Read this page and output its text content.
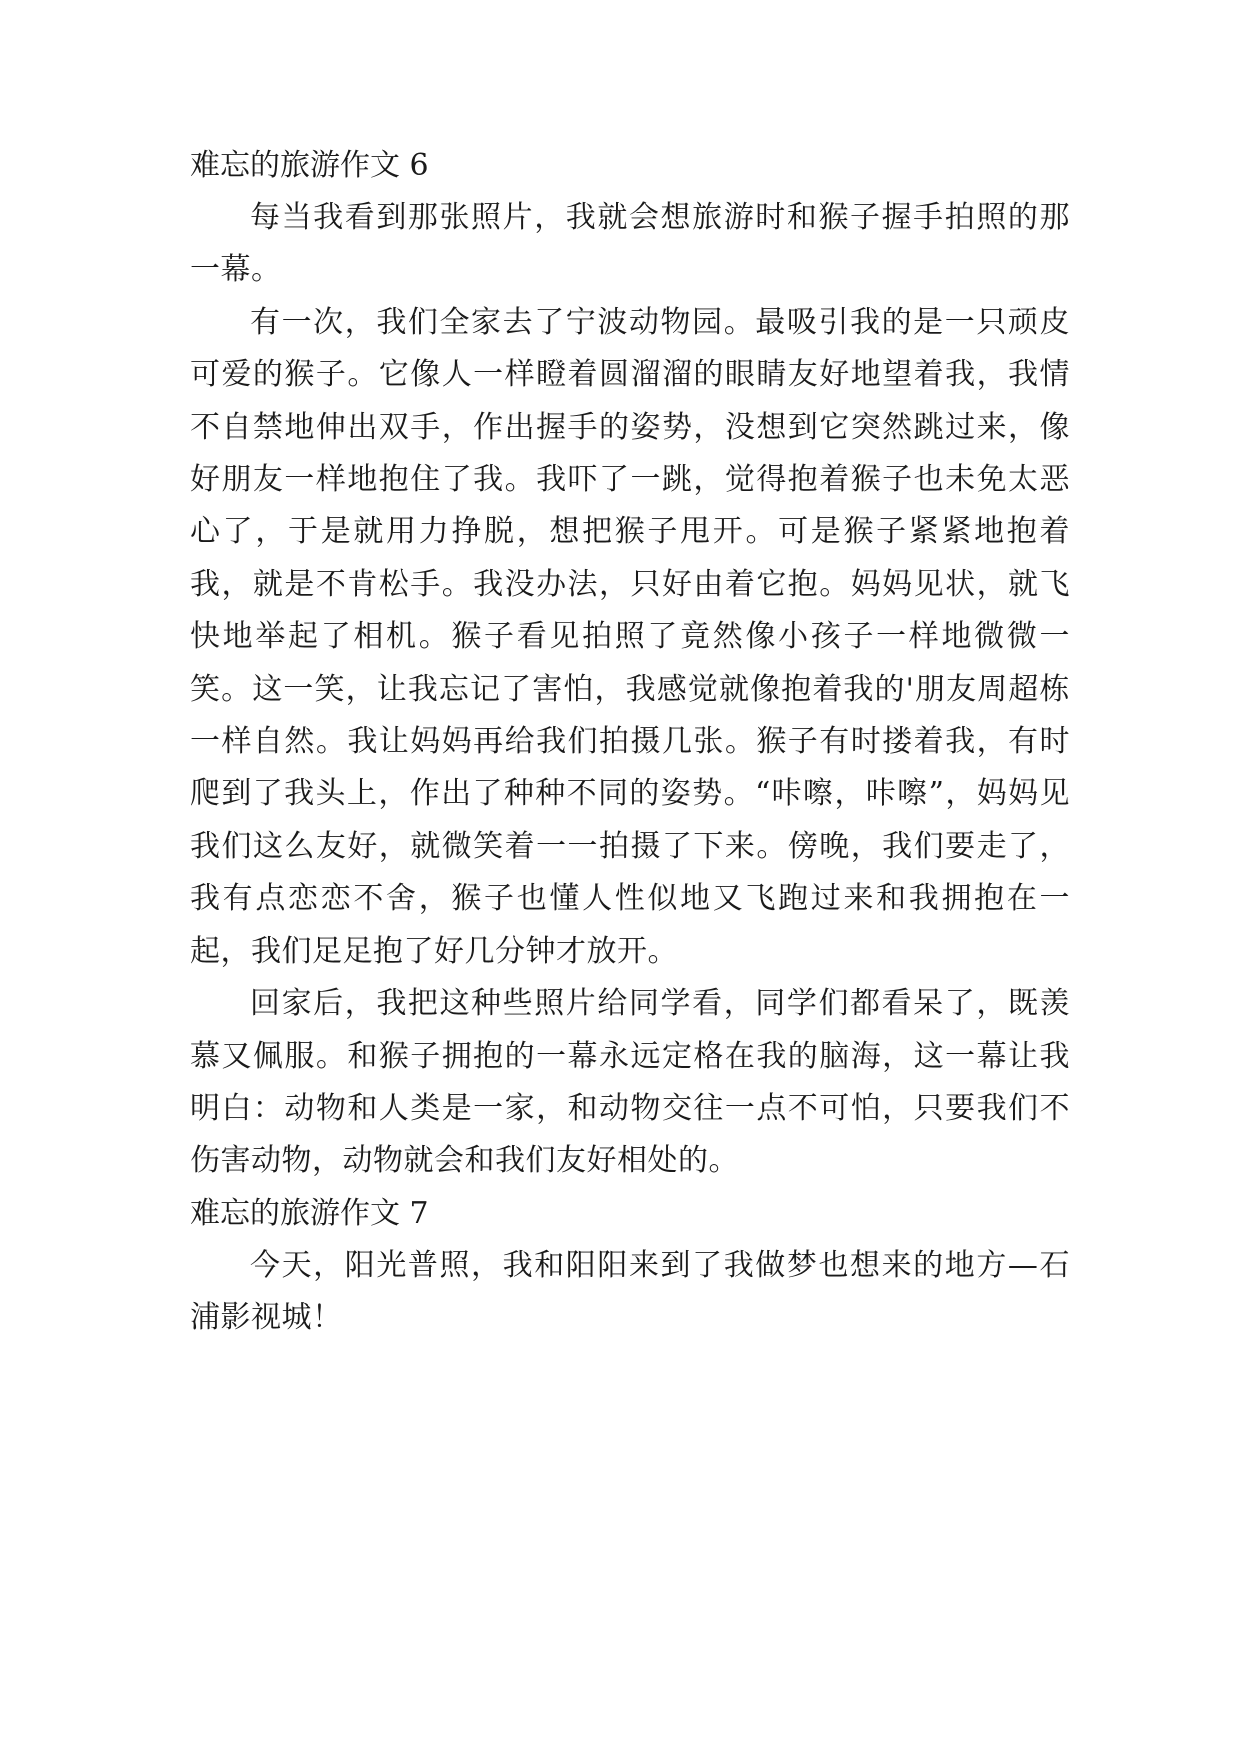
难忘的旅游作文 6

每当我看到那张照片，我就会想旅游时和猴子握手拍照的那一幕。

有一次，我们全家去了宁波动物园。最吸引我的是一只顽皮可爱的猴子。它像人一样瞪着圆溜溜的眼睛友好地望着我，我情不自禁地伸出双手，作出握手的姿势，没想到它突然跳过来，像好朋友一样地抱住了我。我吓了一跳，觉得抱着猴子也未免太恶心了，于是就用力挣脱，想把猴子甩开。可是猴子紧紧地抱着我，就是不肯松手。我没办法，只好由着它抱。妈妈见状，就飞快地举起了相机。猴子看见拍照了竟然像小孩子一样地微微一笑。这一笑，让我忘记了害怕，我感觉就像抱着我的'朋友周超栋一样自然。我让妈妈再给我们拍摄几张。猴子有时搂着我，有时爬到了我头上，作出了种种不同的姿势。“咔嚓，咔嚓”，妈妈见我们这么友好，就微笑着一一拍摄了下来。傍晚，我们要走了，我有点恋恋不舍，猴子也懂人性似地又飞跑过来和我拥抱在一起，我们足足抱了好几分钟才放开。

回家后，我把这种些照片给同学看，同学们都看呆了，既羡慕又佩服。和猴子拥抱的一幕永远定格在我的脑海，这一幕让我明白：动物和人类是一家，和动物交往一点不可怕，只要我们不伤害动物，动物就会和我们友好相处的。

难忘的旅游作文 7

今天，阳光普照，我和阳阳来到了我做梦也想来的地方—石浦影视城！
